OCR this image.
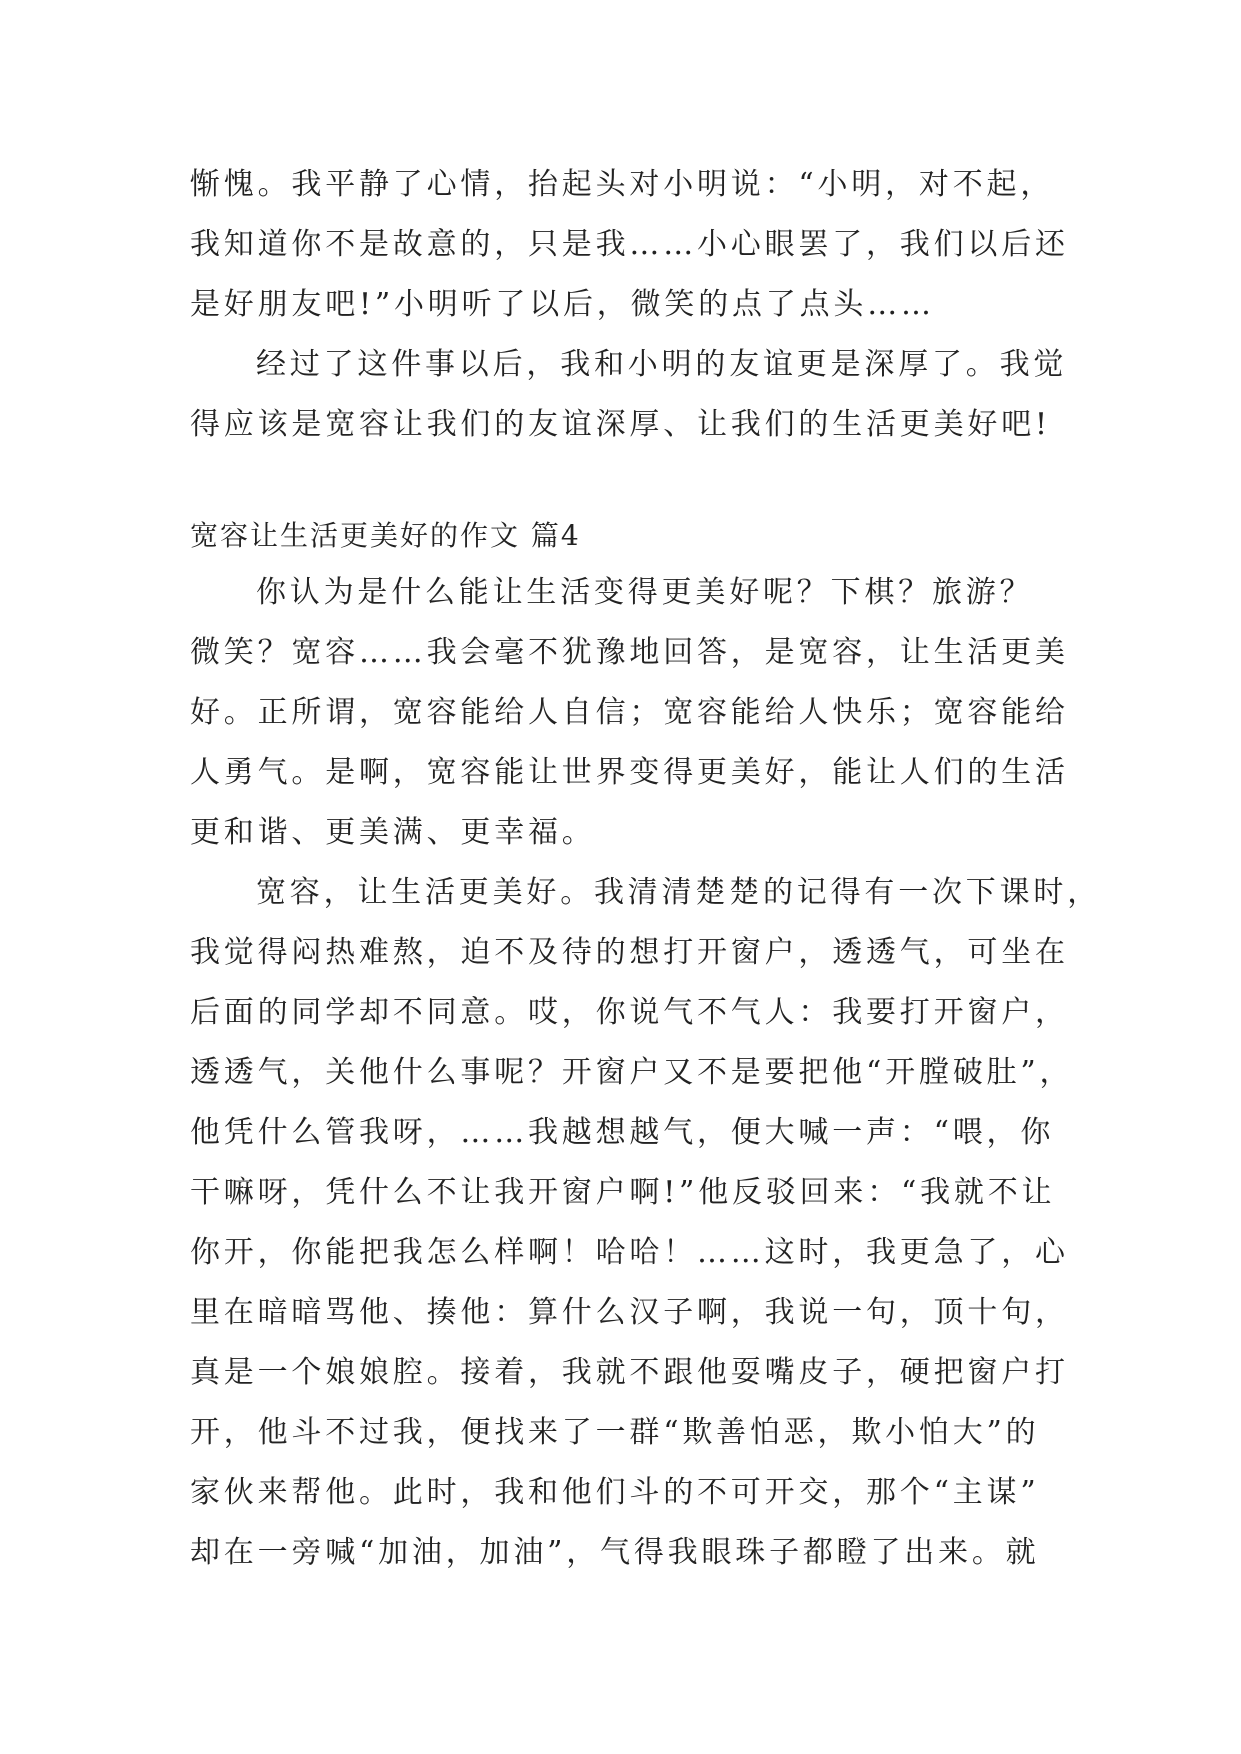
惭愧。我平静了心情，抬起头对小明说：“小明，对不起，
我知道你不是故意的，只是我……小心眼罢了，我们以后还
是好朋友吧!”小明听了以后，微笑的点了点头……
经过了这件事以后，我和小明的友谊更是深厚了。我觉
得应该是宽容让我们的友谊深厚、让我们的生活更美好吧!
宽容让生活更美好的作文 篇4
你认为是什么能让生活变得更美好呢？下棋？旅游？
微笑？宽容……我会毫不犹豫地回答，是宽容，让生活更美
好。正所谓，宽容能给人自信；宽容能给人快乐；宽容能给
人勇气。是啊，宽容能让世界变得更美好，能让人们的生活
更和谐、更美满、更幸福。
宽容，让生活更美好。我清清楚楚的记得有一次下课时，
我觉得闷热难熬，迫不及待的想打开窗户，透透气，可坐在
后面的同学却不同意。哎，你说气不气人：我要打开窗户，
透透气，关他什么事呢？开窗户又不是要把他“开膛破肚”，
他凭什么管我呀，……我越想越气，便大喊一声：“喂，你
干嘛呀，凭什么不让我开窗户啊!”他反驳回来：“我就不让
你开，你能把我怎么样啊！哈哈！……这时，我更急了，心
里在暗暗骂他、揍他：算什么汉子啊，我说一句，顶十句，
真是一个娘娘腔。接着，我就不跟他耍嘴皮子，硬把窗户打
开，他斗不过我，便找来了一群“欺善怕恶，欺小怕大”的
家伙来帮他。此时，我和他们斗的不可开交，那个“主谋”
却在一旁喊“加油，加油”，气得我眼珠子都瞪了出来。就
